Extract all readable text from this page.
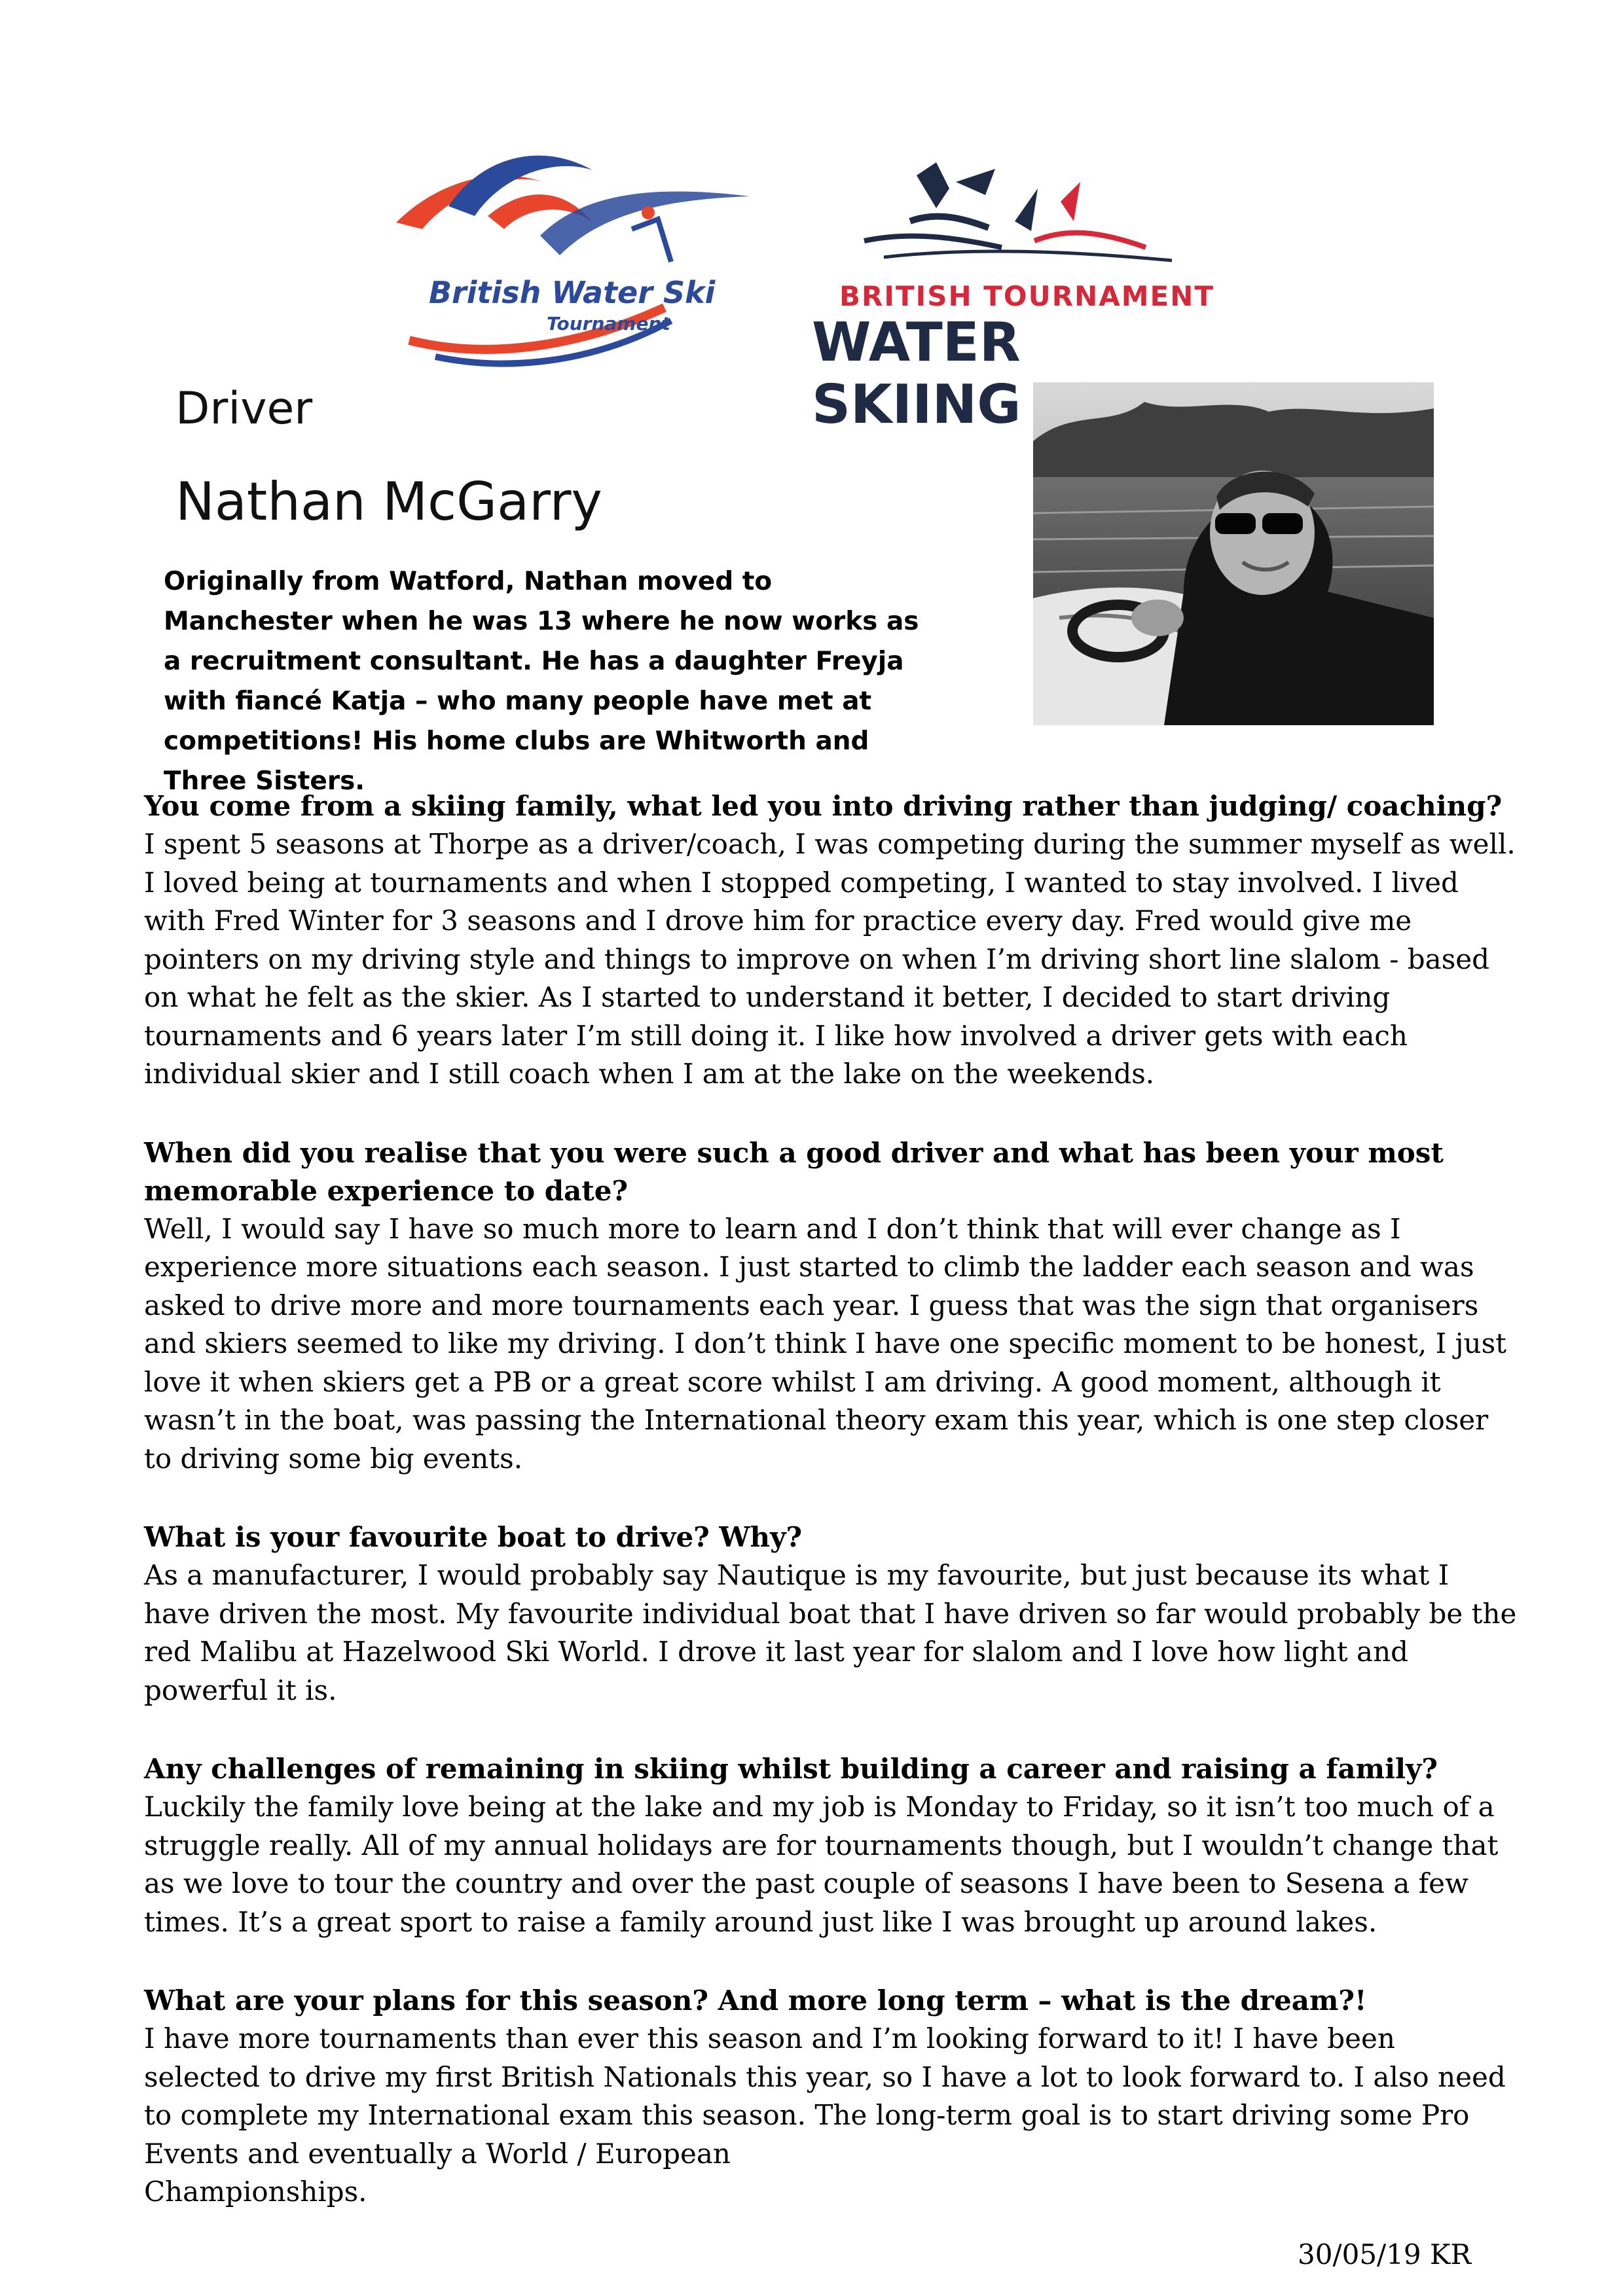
British Water Ski
Tournament
BRITISH TOURNAMENT
WATER SKIING
Driver
Nathan McGarry
Originally from Watford, Nathan moved to Manchester when he was 13 where he now works as a recruitment consultant. He has a daughter Freyja with fiancé Katja – who many people have met at competitions! His home clubs are Whitworth and Three Sisters.
You come from a skiing family, what led you into driving rather than judging/ coaching?
I spent 5 seasons at Thorpe as a driver/coach, I was competing during the summer myself as well. I loved being at tournaments and when I stopped competing, I wanted to stay involved. I lived with Fred Winter for 3 seasons and I drove him for practice every day. Fred would give me pointers on my driving style and things to improve on when I’m driving short line slalom - based on what he felt as the skier. As I started to understand it better, I decided to start driving tournaments and 6 years later I’m still doing it. I like how involved a driver gets with each individual skier and I still coach when I am at the lake on the weekends.
When did you realise that you were such a good driver and what has been your most memorable experience to date?
Well, I would say I have so much more to learn and I don’t think that will ever change as I experience more situations each season. I just started to climb the ladder each season and was asked to drive more and more tournaments each year. I guess that was the sign that organisers and skiers seemed to like my driving. I don’t think I have one specific moment to be honest, I just love it when skiers get a PB or a great score whilst I am driving. A good moment, although it wasn’t in the boat, was passing the International theory exam this year, which is one step closer to driving some big events.
What is your favourite boat to drive? Why?
As a manufacturer, I would probably say Nautique is my favourite, but just because its what I have driven the most. My favourite individual boat that I have driven so far would probably be the red Malibu at Hazelwood Ski World. I drove it last year for slalom and I love how light and powerful it is.
Any challenges of remaining in skiing whilst building a career and raising a family?
Luckily the family love being at the lake and my job is Monday to Friday, so it isn’t too much of a struggle really. All of my annual holidays are for tournaments though, but I wouldn’t change that as we love to tour the country and over the past couple of seasons I have been to Sesena a few times. It’s a great sport to raise a family around just like I was brought up around lakes.
What are your plans for this season? And more long term – what is the dream?!
I have more tournaments than ever this season and I’m looking forward to it! I have been selected to drive my first British Nationals this year, so I have a lot to look forward to. I also need to complete my International exam this season. The long-term goal is to start driving some Pro Events and eventually a World / European
Championships.
30/05/19 KR
